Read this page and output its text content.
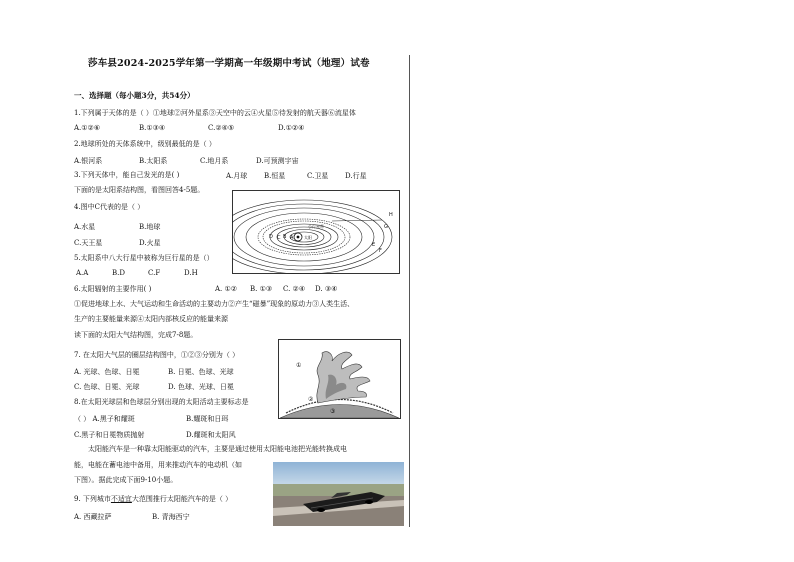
莎车县2024-2025学年第一学期高一年级期中考试（地理）试卷
一、选择题（每小题3分，共54分）
1.下列属于天体的是（ ）①地球②河外星系③天空中的云④火星⑤待发射的航天器⑥流星体
A.①②⑥	B.①③④	C.②④⑤	D.①②④
2.地球所处的天体系统中，级别最低的是（ ）
A.银河系	B.太阳系	C.地月系	D.可预测宇宙
3.下列天体中，能自己发光的是( )	A.月球 B.恒星	C.卫星 D.行星
下面的是太阳系结构图，看图回答4-5题。
4.图中C代表的是（ ）
A.水星	B.地球
C.天王星	D.火星
5.太阳系中八大行星中被称为巨行星的是（）
A.A	B.D	C.F	D.H
6.太阳辐射的主要作用( )	A. ①② B. ①③ C. ②④ D. ③④
①促进地球上水、大气运动和生命活动的主要动力②产生“磁暴”现象的原动力③人类生活、
生产的主要能量来源④太阳内部核反应的能量来源
读下面的太阳大气结构图，完成7-8题。
7. 在太阳大气层的圈层结构图中，①②③分别为（ ）
A. 光球、色球、日冕	B. 日冕、色球、光球
C. 色球、日冕、光球	D. 色球、光球、日冕
8.在太阳光球层和色球层分别出现的太阳活动主要标志是
（ ） A.黑子和耀斑	B.耀斑和日珥
C.黑子和日冕物质抛射	D.耀斑和太阳风
太阳能汽车是一种靠太阳能驱动的汽车，主要是通过使用太阳能电池把光能转换成电
能，电能在蓄电池中备用，用来推动汽车的电动机（如
下图）。据此完成下面9-10小题。
9. 下列城市不适宜大范围推行太阳能汽车的是（ ）
A. 西藏拉萨	B. 青海西宁
A
B
C
D
E
F
G
H
太阳
小行星带
①
②
③
